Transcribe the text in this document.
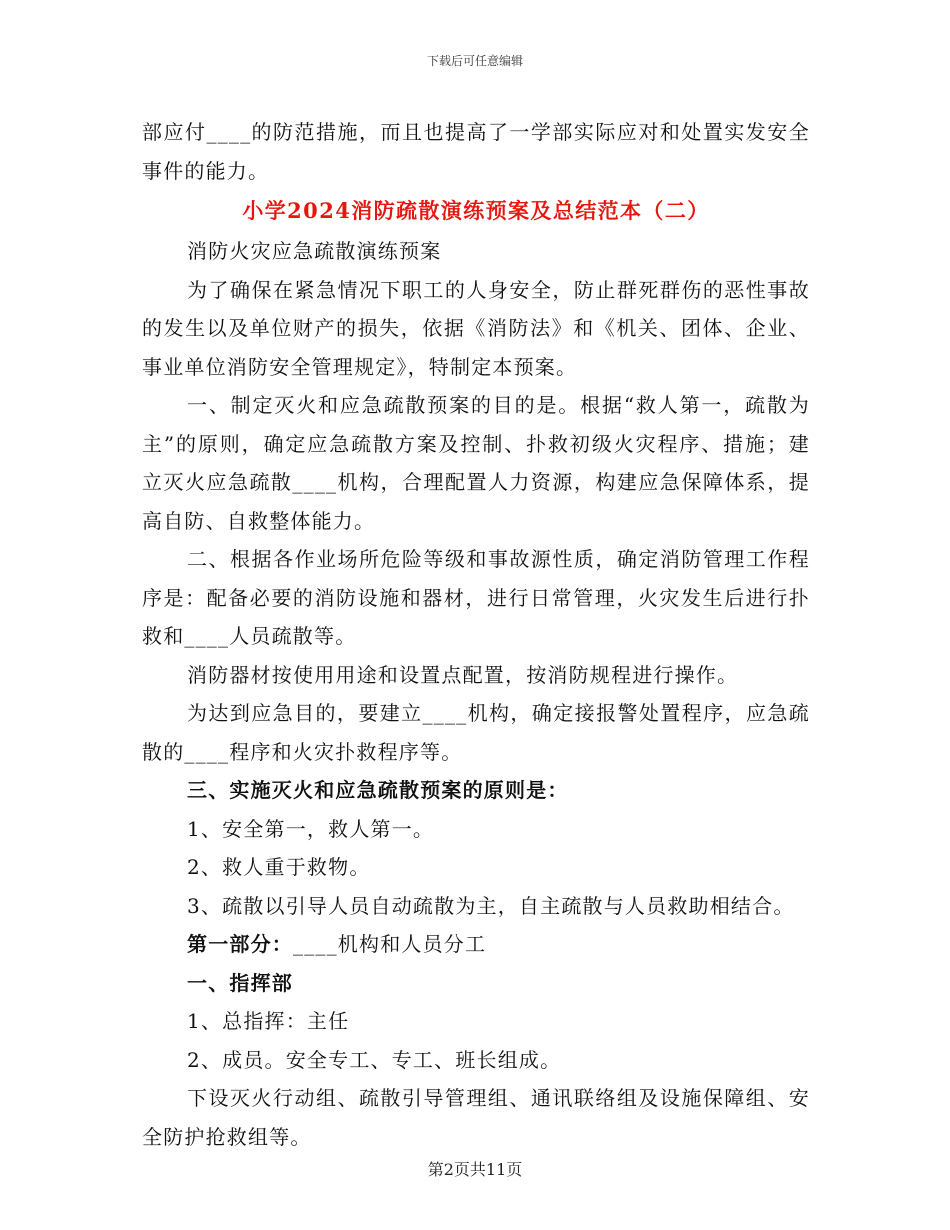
下载后可任意编辑

部应付____的防范措施，而且也提高了一学部实际应对和处置实发安全事件的能力。

小学2024消防疏散演练预案及总结范本（二）

消防火灾应急疏散演练预案

为了确保在紧急情况下职工的人身安全，防止群死群伤的恶性事故的发生以及单位财产的损失，依据《消防法》和《机关、团体、企业、事业单位消防安全管理规定》，特制定本预案。

一、制定灭火和应急疏散预案的目的是。根据“救人第一，疏散为主”的原则，确定应急疏散方案及控制、扑救初级火灾程序、措施；建立灭火应急疏散____机构，合理配置人力资源，构建应急保障体系，提高自防、自救整体能力。

二、根据各作业场所危险等级和事故源性质，确定消防管理工作程序是：配备必要的消防设施和器材，进行日常管理，火灾发生后进行扑救和____人员疏散等。

消防器材按使用用途和设置点配置，按消防规程进行操作。

为达到应急目的，要建立____机构，确定接报警处置程序，应急疏散的____程序和火灾扑救程序等。

三、实施灭火和应急疏散预案的原则是：

1、安全第一，救人第一。

2、救人重于救物。

3、疏散以引导人员自动疏散为主，自主疏散与人员救助相结合。

第一部分：____机构和人员分工

一、指挥部

1、总指挥：主任

2、成员。安全专工、专工、班长组成。

下设灭火行动组、疏散引导管理组、通讯联络组及设施保障组、安全防护抢救组等。

第2页共11页
